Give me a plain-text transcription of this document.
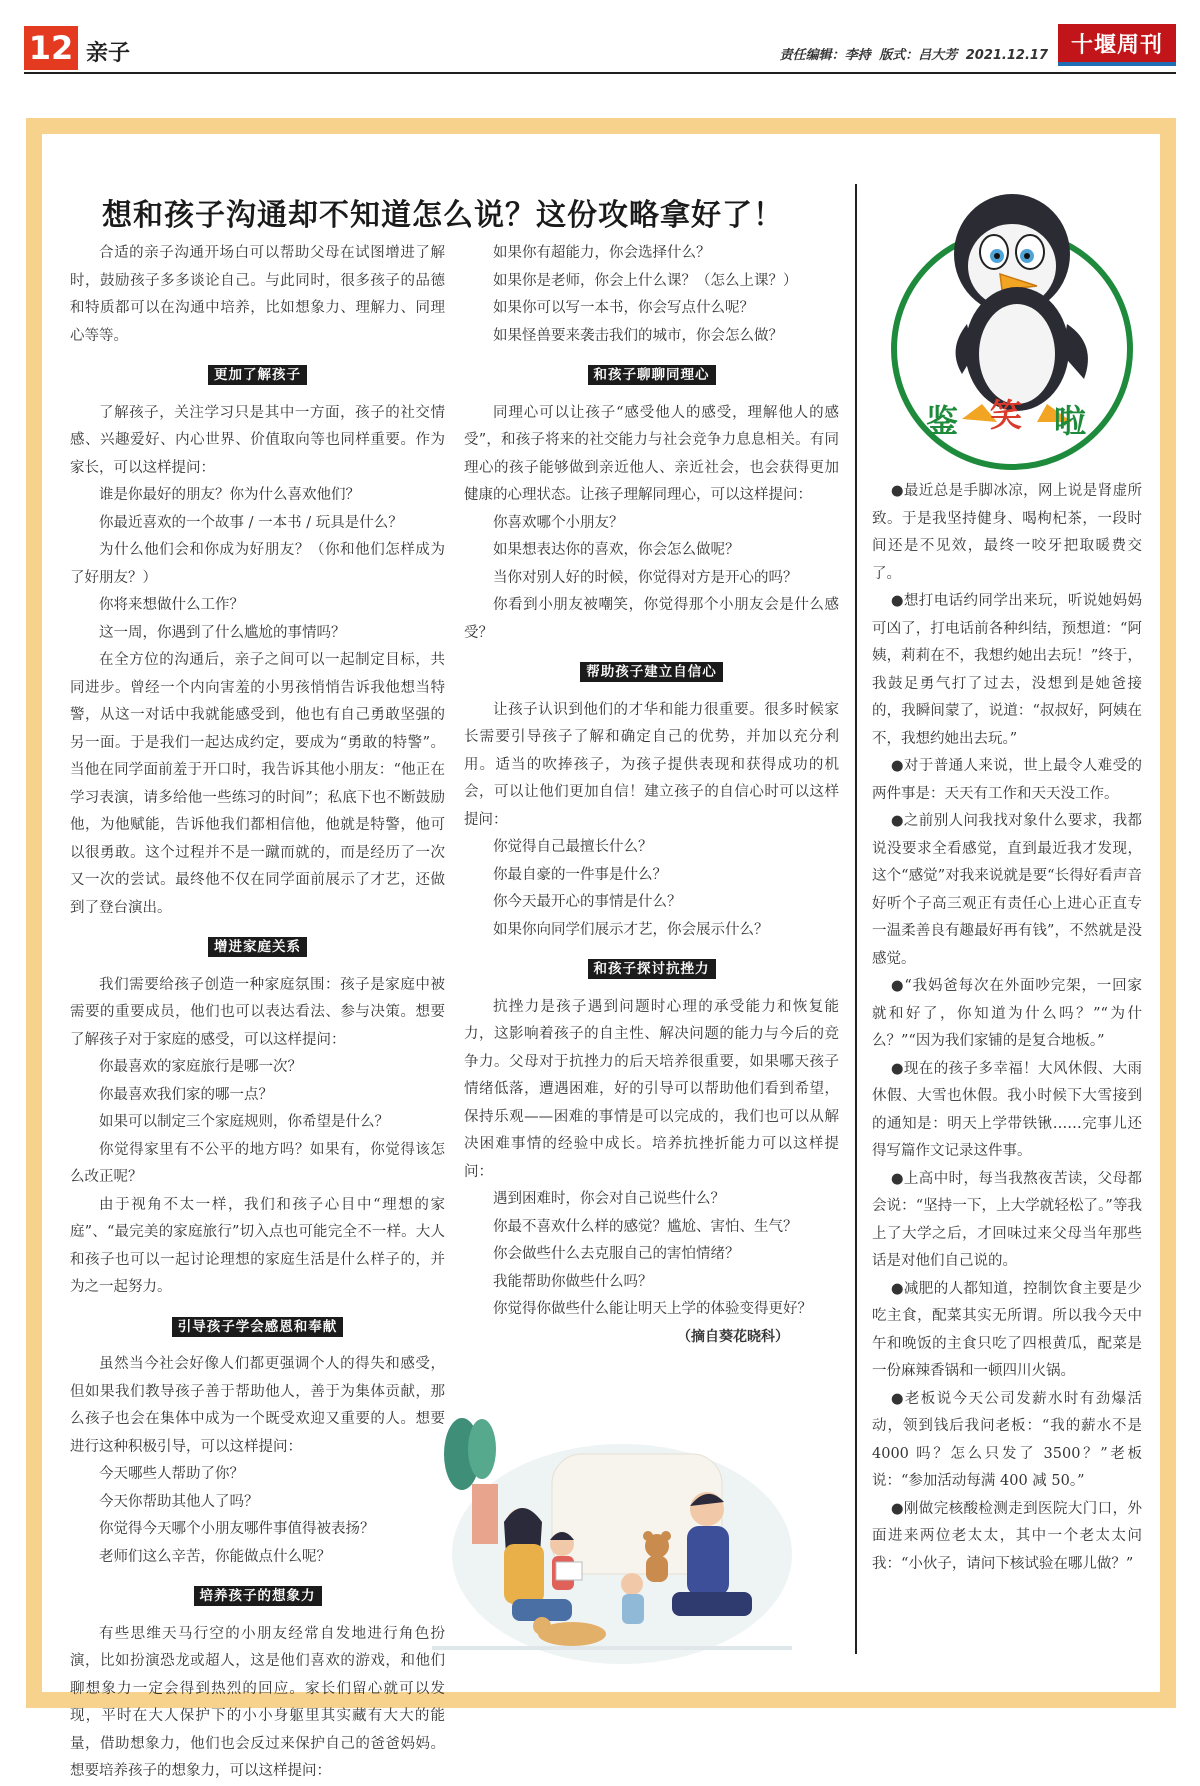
12 亲子	责任编辑：李持 版式：吕大芳 2021.12.17	十堰周刊
想和孩子沟通却不知道怎么说？这份攻略拿好了！

合适的亲子沟通开场白可以帮助父母在试图增进了解时，鼓励孩子多多谈论自己。与此同时，很多孩子的品德和特质都可以在沟通中培养，比如想象力、理解力、同理心等等。

更加了解孩子

了解孩子，关注学习只是其中一方面，孩子的社交情感、兴趣爱好、内心世界、价值取向等也同样重要。作为家长，可以这样提问：

谁是你最好的朋友？你为什么喜欢他们？

你最近喜欢的一个故事 / 一本书 / 玩具是什么？

为什么他们会和你成为好朋友？（你和他们怎样成为了好朋友？）

你将来想做什么工作？

这一周，你遇到了什么尴尬的事情吗？

在全方位的沟通后，亲子之间可以一起制定目标，共同进步。曾经一个内向害羞的小男孩悄悄告诉我他想当特警，从这一对话中我就能感受到，他也有自己勇敢坚强的另一面。于是我们一起达成约定，要成为“勇敢的特警”。当他在同学面前羞于开口时，我告诉其他小朋友：“他正在学习表演，请多给他一些练习的时间”；私底下也不断鼓励他，为他赋能，告诉他我们都相信他，他就是特警，他可以很勇敢。这个过程并不是一蹴而就的，而是经历了一次又一次的尝试。最终他不仅在同学面前展示了才艺，还做到了登台演出。

增进家庭关系

我们需要给孩子创造一种家庭氛围：孩子是家庭中被需要的重要成员，他们也可以表达看法、参与决策。想要了解孩子对于家庭的感受，可以这样提问：

你最喜欢的家庭旅行是哪一次？

你最喜欢我们家的哪一点？

如果可以制定三个家庭规则，你希望是什么？

你觉得家里有不公平的地方吗？如果有，你觉得该怎么改正呢？

由于视角不太一样，我们和孩子心目中“理想的家庭”、“最完美的家庭旅行”切入点也可能完全不一样。大人和孩子也可以一起讨论理想的家庭生活是什么样子的，并为之一起努力。

引导孩子学会感恩和奉献

虽然当今社会好像人们都更强调个人的得失和感受，但如果我们教导孩子善于帮助他人，善于为集体贡献，那么孩子也会在集体中成为一个既受欢迎又重要的人。想要进行这种积极引导，可以这样提问：

今天哪些人帮助了你？

今天你帮助其他人了吗？

你觉得今天哪个小朋友哪件事值得被表扬？

老师们这么辛苦，你能做点什么呢？

培养孩子的想象力

有些思维天马行空的小朋友经常自发地进行角色扮演，比如扮演恐龙或超人，这是他们喜欢的游戏，和他们聊想象力一定会得到热烈的回应。家长们留心就可以发现，平时在大人保护下的小小身躯里其实藏有大大的能量，借助想象力，他们也会反过来保护自己的爸爸妈妈。想要培养孩子的想象力，可以这样提问：

如果你有超能力，你会选择什么？

如果你是老师，你会上什么课？（怎么上课？）

如果你可以写一本书，你会写点什么呢？

如果怪兽要来袭击我们的城市，你会怎么做？

和孩子聊聊同理心

同理心可以让孩子“感受他人的感受，理解他人的感受”，和孩子将来的社交能力与社会竞争力息息相关。有同理心的孩子能够做到亲近他人、亲近社会，也会获得更加健康的心理状态。让孩子理解同理心，可以这样提问：

你喜欢哪个小朋友？

如果想表达你的喜欢，你会怎么做呢？

当你对别人好的时候，你觉得对方是开心的吗？

你看到小朋友被嘲笑，你觉得那个小朋友会是什么感受？

帮助孩子建立自信心

让孩子认识到他们的才华和能力很重要。很多时候家长需要引导孩子了解和确定自己的优势，并加以充分利用。适当的吹捧孩子，为孩子提供表现和获得成功的机会，可以让他们更加自信！建立孩子的自信心时可以这样提问：

你觉得自己最擅长什么？

你最自豪的一件事是什么？

你今天最开心的事情是什么？

如果你向同学们展示才艺，你会展示什么？

和孩子探讨抗挫力

抗挫力是孩子遇到问题时心理的承受能力和恢复能力，这影响着孩子的自主性、解决问题的能力与今后的竞争力。父母对于抗挫力的后天培养很重要，如果哪天孩子情绪低落，遭遇困难，好的引导可以帮助他们看到希望，保持乐观——困难的事情是可以完成的，我们也可以从解决困难事情的经验中成长。培养抗挫折能力可以这样提问：

遇到困难时，你会对自己说些什么？

你最不喜欢什么样的感觉？尴尬、害怕、生气？

你会做些什么去克服自己的害怕情绪？

我能帮助你做些什么吗？

你觉得你做些什么能让明天上学的体验变得更好？

（摘自葵花晓科）

鉴 笑 啦

●最近总是手脚冰凉，网上说是肾虚所致。于是我坚持健身、喝枸杞茶，一段时间还是不见效，最终一咬牙把取暖费交了。

●想打电话约同学出来玩，听说她妈妈可凶了，打电话前各种纠结，预想道：“阿姨，莉莉在不，我想约她出去玩！”终于，我鼓足勇气打了过去，没想到是她爸接的，我瞬间蒙了，说道：“叔叔好，阿姨在不，我想约她出去玩。”

●对于普通人来说，世上最令人难受的两件事是：天天有工作和天天没工作。

●之前别人问我找对象什么要求，我都说没要求全看感觉，直到最近我才发现，这个“感觉”对我来说就是要“长得好看声音好听个子高三观正有责任心上进心正直专一温柔善良有趣最好再有钱”，不然就是没感觉。

●“我妈爸每次在外面吵完架，一回家就和好了，你知道为什么吗？”“为什么？”“因为我们家铺的是复合地板。”

●现在的孩子多幸福！大风休假、大雨休假、大雪也休假。我小时候下大雪接到的通知是：明天上学带铁锹……完事儿还得写篇作文记录这件事。

●上高中时，每当我熬夜苦读，父母都会说：“坚持一下，上大学就轻松了。”等我上了大学之后，才回味过来父母当年那些话是对他们自己说的。

●减肥的人都知道，控制饮食主要是少吃主食，配菜其实无所谓。所以我今天中午和晚饭的主食只吃了四根黄瓜，配菜是一份麻辣香锅和一顿四川火锅。

●老板说今天公司发薪水时有劲爆活动，领到钱后我问老板：“我的薪水不是 4000 吗？怎么只发了 3500？”老板说：“参加活动每满 400 减 50。”

●刚做完核酸检测走到医院大门口，外面进来两位老太太，其中一个老太太问我：“小伙子，请问下核试验在哪儿做？”
